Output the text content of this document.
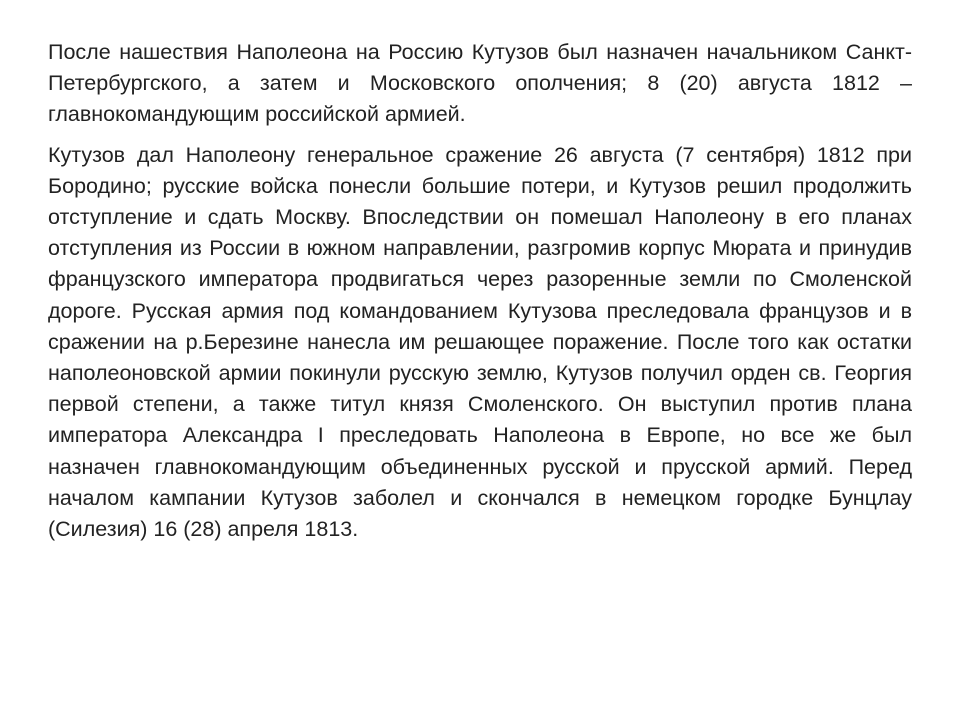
После нашествия Наполеона на Россию Кутузов был назначен начальником Санкт-Петербургского, а затем и Московского ополчения; 8 (20) августа 1812 – главнокомандующим российской армией.

Кутузов дал Наполеону генеральное сражение 26 августа (7 сентября) 1812 при Бородино; русские войска понесли большие потери, и Кутузов решил продолжить отступление и сдать Москву. Впоследствии он помешал Наполеону в его планах отступления из России в южном направлении, разгромив корпус Мюрата и принудив французского императора продвигаться через разоренные земли по Смоленской дороге. Русская армия под командованием Кутузова преследовала французов и в сражении на р.Березине нанесла им решающее поражение. После того как остатки наполеоновской армии покинули русскую землю, Кутузов получил орден св. Георгия первой степени, а также титул князя Смоленского. Он выступил против плана императора Александра I преследовать Наполеона в Европе, но все же был назначен главнокомандующим объединенных русской и прусской армий. Перед началом кампании Кутузов заболел и скончался в немецком городке Бунцлау (Силезия) 16 (28) апреля 1813.
